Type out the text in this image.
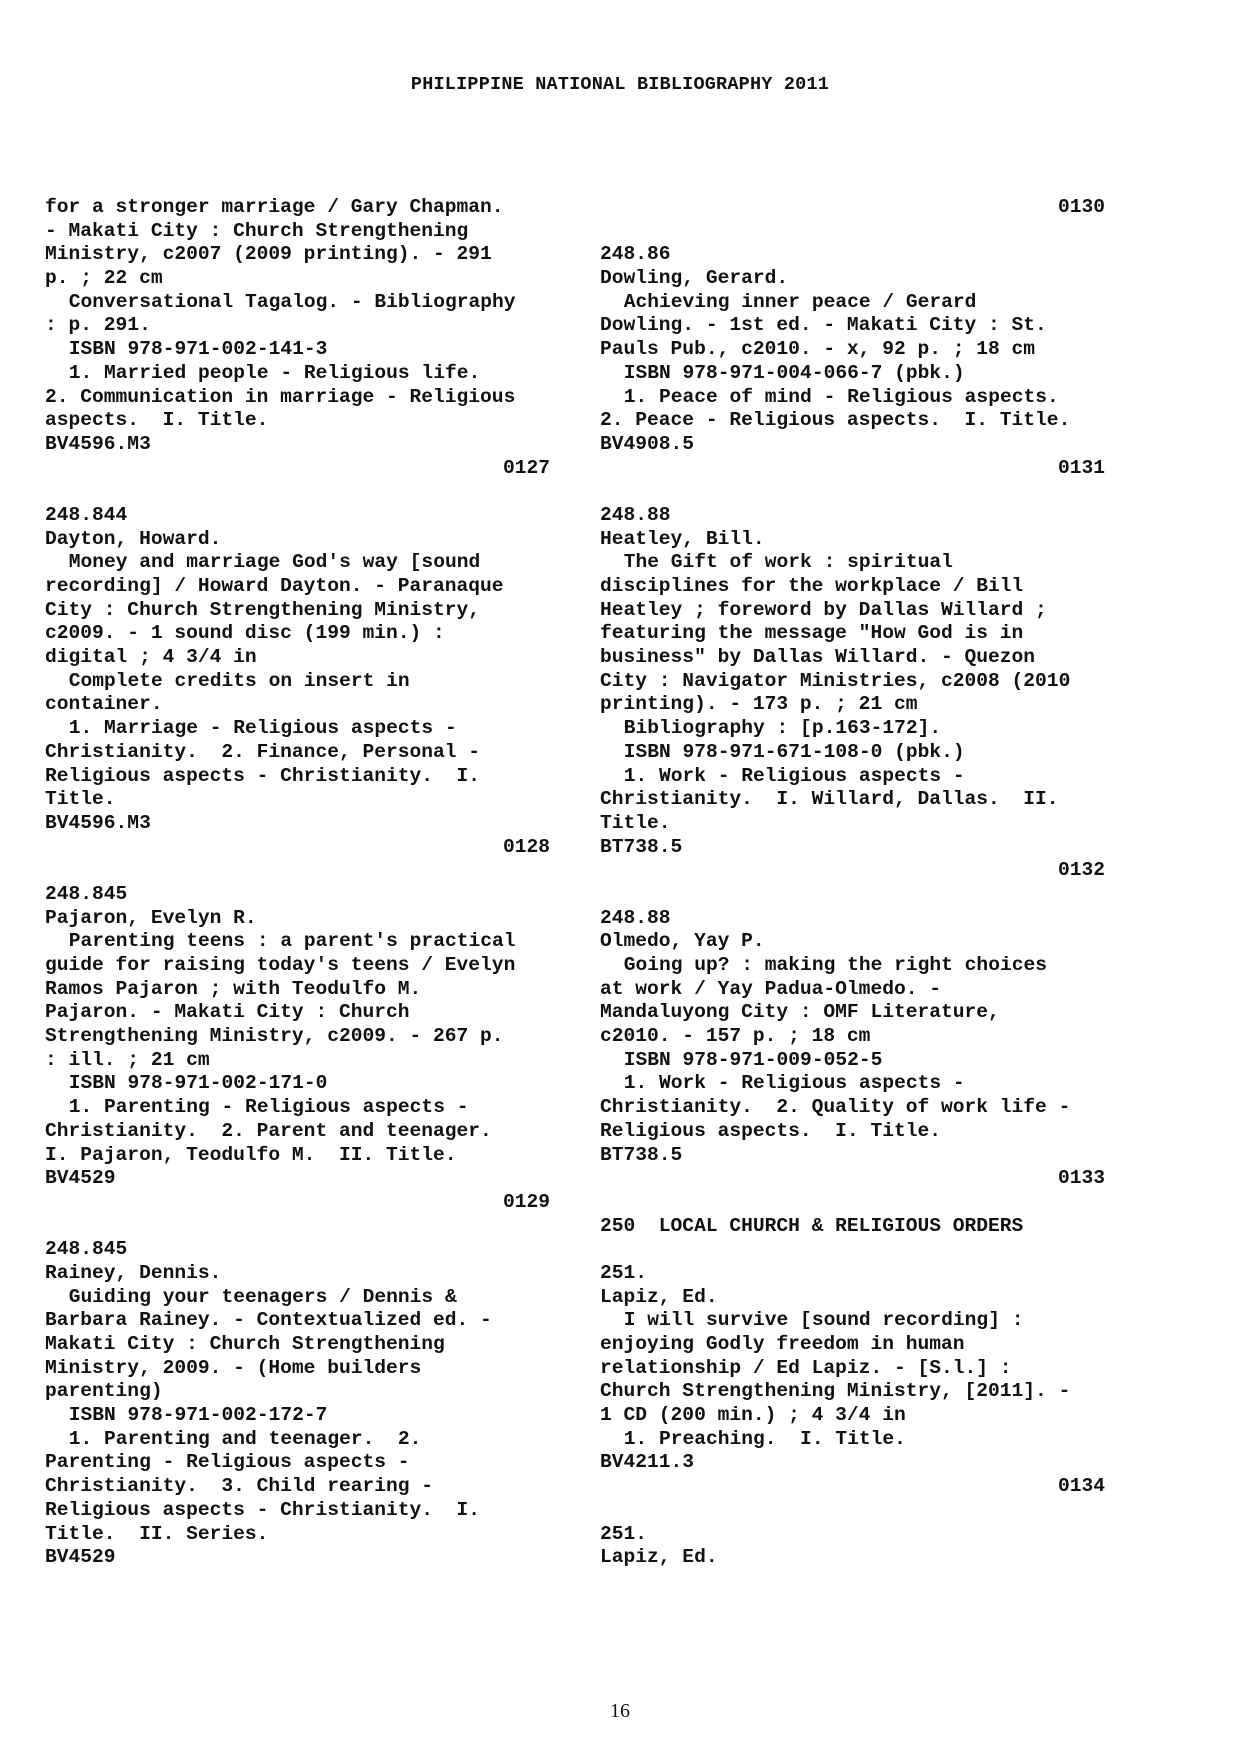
PHILIPPINE NATIONAL BIBLIOGRAPHY 2011
for a stronger marriage / Gary Chapman.
- Makati City : Church Strengthening
Ministry, c2007 (2009 printing). - 291
p. ; 22 cm
Conversational Tagalog. - Bibliography
: p. 291.
ISBN 978-971-002-141-3
1. Married people - Religious life.
2. Communication in marriage - Religious
aspects.  I. Title.
BV4596.M3
0127
248.844
Dayton, Howard.
Money and marriage God's way [sound
recording] / Howard Dayton. - Paranaque
City : Church Strengthening Ministry,
c2009. - 1 sound disc (199 min.) :
digital ; 4 3/4 in
Complete credits on insert in
container.
1. Marriage - Religious aspects -
Christianity.  2. Finance, Personal -
Religious aspects - Christianity.  I.
Title.
BV4596.M3
0128
248.845
Pajaron, Evelyn R.
Parenting teens : a parent's practical
guide for raising today's teens / Evelyn
Ramos Pajaron ; with Teodulfo M.
Pajaron. - Makati City : Church
Strengthening Ministry, c2009. - 267 p.
: ill. ; 21 cm
ISBN 978-971-002-171-0
1. Parenting - Religious aspects -
Christianity.  2. Parent and teenager.
I. Pajaron, Teodulfo M.  II. Title.
BV4529
0129
248.845
Rainey, Dennis.
Guiding your teenagers / Dennis &
Barbara Rainey. - Contextualized ed. -
Makati City : Church Strengthening
Ministry, 2009. - (Home builders
parenting)
ISBN 978-971-002-172-7
1. Parenting and teenager.  2.
Parenting - Religious aspects -
Christianity.  3. Child rearing -
Religious aspects - Christianity.  I.
Title.  II. Series.
BV4529
0130
248.86
Dowling, Gerard.
Achieving inner peace / Gerard
Dowling. - 1st ed. - Makati City : St.
Pauls Pub., c2010. - x, 92 p. ; 18 cm
ISBN 978-971-004-066-7 (pbk.)
1. Peace of mind - Religious aspects.
2. Peace - Religious aspects.  I. Title.
BV4908.5
0131
248.88
Heatley, Bill.
The Gift of work : spiritual
disciplines for the workplace / Bill
Heatley ; foreword by Dallas Willard ;
featuring the message "How God is in
business" by Dallas Willard. - Quezon
City : Navigator Ministries, c2008 (2010
printing). - 173 p. ; 21 cm
Bibliography : [p.163-172].
ISBN 978-971-671-108-0 (pbk.)
1. Work - Religious aspects -
Christianity.  I. Willard, Dallas.  II.
Title.
BT738.5
0132
248.88
Olmedo, Yay P.
Going up? : making the right choices
at work / Yay Padua-Olmedo. -
Mandaluyong City : OMF Literature,
c2010. - 157 p. ; 18 cm
ISBN 978-971-009-052-5
1. Work - Religious aspects -
Christianity.  2. Quality of work life -
Religious aspects.  I. Title.
BT738.5
0133
250  LOCAL CHURCH & RELIGIOUS ORDERS
251.
Lapiz, Ed.
I will survive [sound recording] :
enjoying Godly freedom in human
relationship / Ed Lapiz. - [S.l.] :
Church Strengthening Ministry, [2011]. -
1 CD (200 min.) ; 4 3/4 in
1. Preaching.  I. Title.
BV4211.3
0134
251.
Lapiz, Ed.
16
